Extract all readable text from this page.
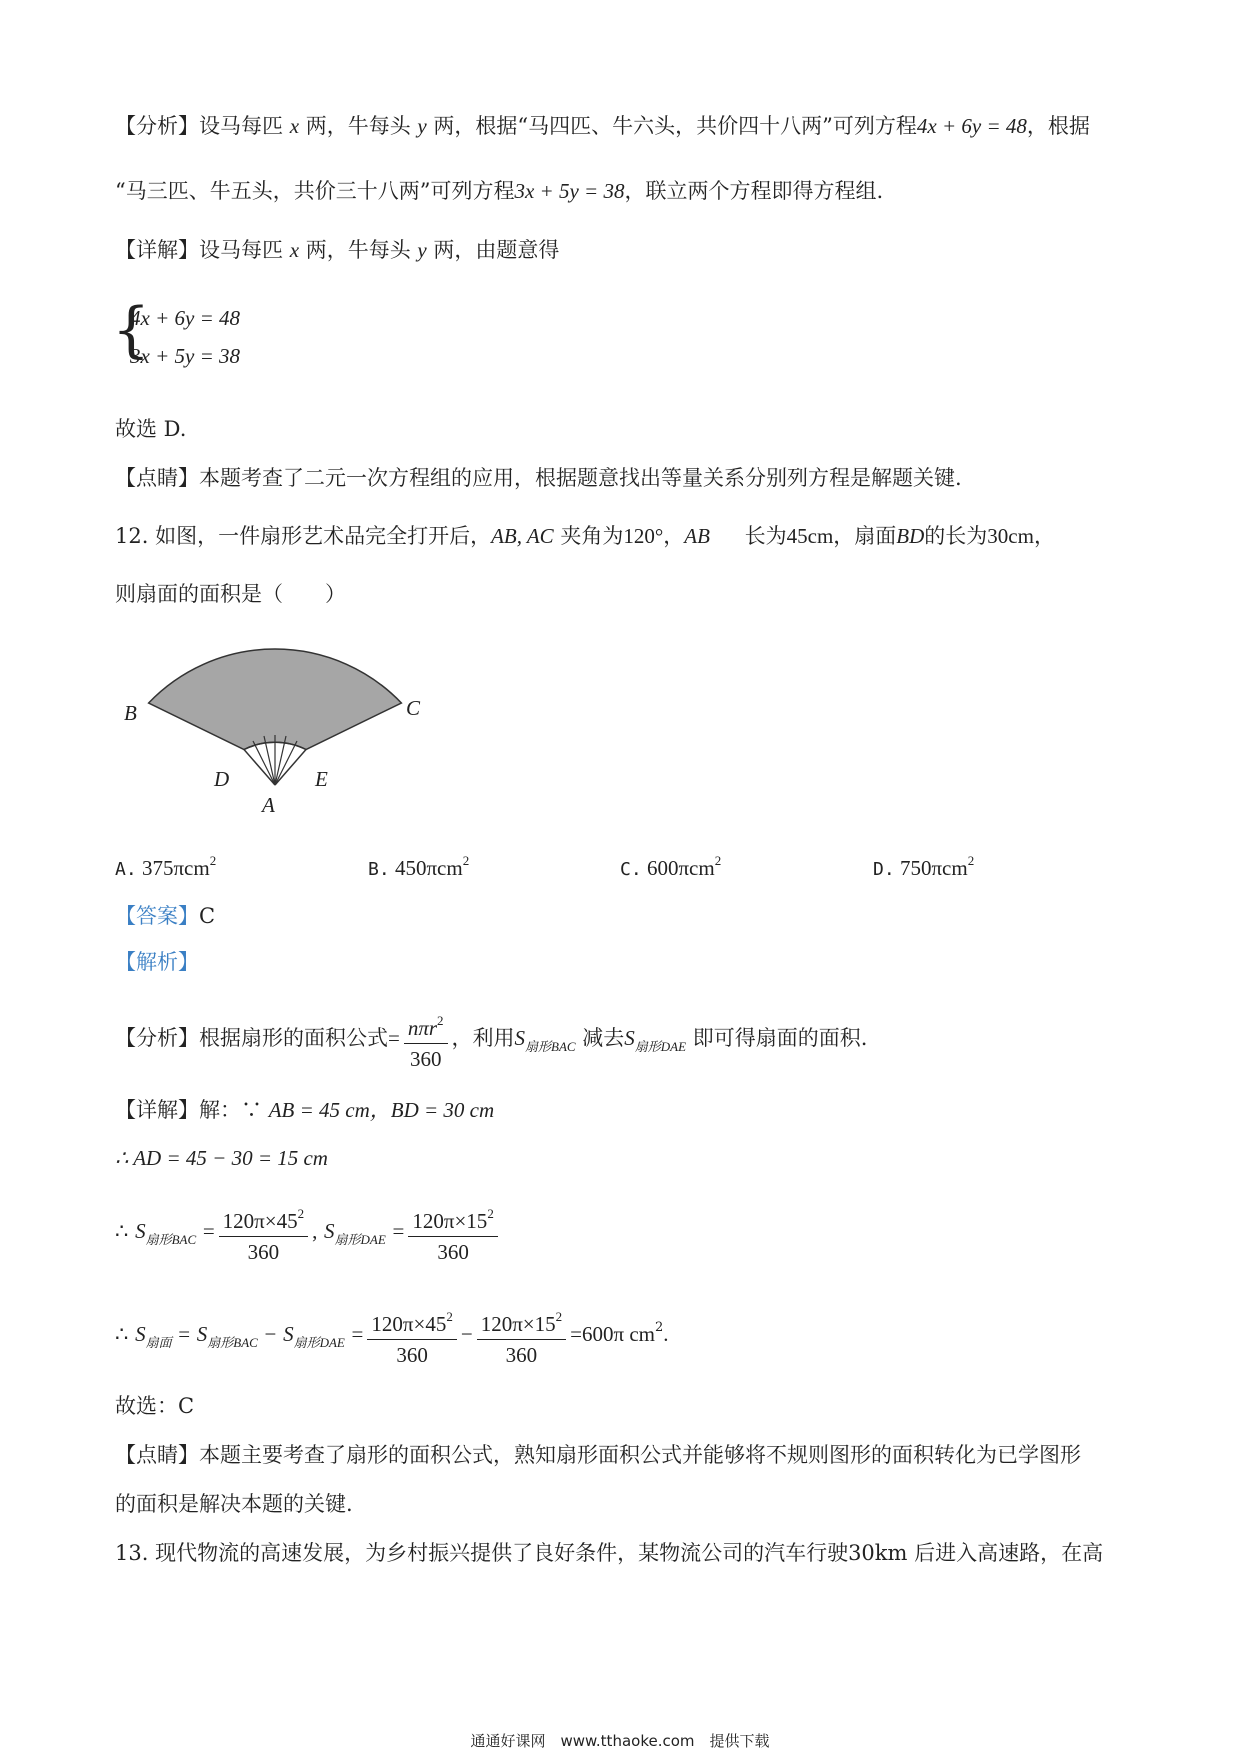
【分析】设马每匹 x 两，牛每头 y 两，根据“马四匹、牛六头，共价四十八两”可列方程4x + 6y = 48，根据
“马三匹、牛五头，共价三十八两”可列方程3x + 5y = 38，联立两个方程即得方程组.
【详解】设马每匹 x 两，牛每头 y 两，由题意得
{
4x + 6y = 48
3x + 5y = 38
故选 D.
【点睛】本题考查了二元一次方程组的应用，根据题意找出等量关系分别列方程是解题关键.
12. 如图，一件扇形艺术品完全打开后，AB, AC 夹角为120°，AB 长为45cm，扇面BD的长为30cm，
则扇面的面积是（　　）
B	C
D	E
A
A. 375πcm$^2$	B. 450πcm$^2$	C. 600πcm$^2$	D. 750πcm$^2$
【答案】C
【解析】
【分析】根据扇形的面积公式= $\frac{n\pi r^2}{360}$ ，利用$S_{扇形BAC}$ 减去$S_{扇形DAE}$ 即可得扇面的面积.
【详解】解：∵ AB = 45 cm，BD = 30 cm
∴ AD = 45 − 30 = 15 cm
∴ $S_{扇形BAC} = \frac{120\pi\times 45^2}{360}$ , $S_{扇形DAE} = \frac{120\pi\times 15^2}{360}$
∴ $S_{扇面} = S_{扇形BAC} - S_{扇形DAE} = \frac{120\pi\times 45^2}{360} - \frac{120\pi\times 15^2}{360} =600\pi$ $cm^2$.
故选：C
【点睛】本题主要考查了扇形的面积公式，熟知扇形面积公式并能够将不规则图形的面积转化为已学图形
的面积是解决本题的关键.
13. 现代物流的高速发展，为乡村振兴提供了良好条件，某物流公司的汽车行驶30km 后进入高速路，在高
通通好课网　www.tthaoke.com　提供下载
